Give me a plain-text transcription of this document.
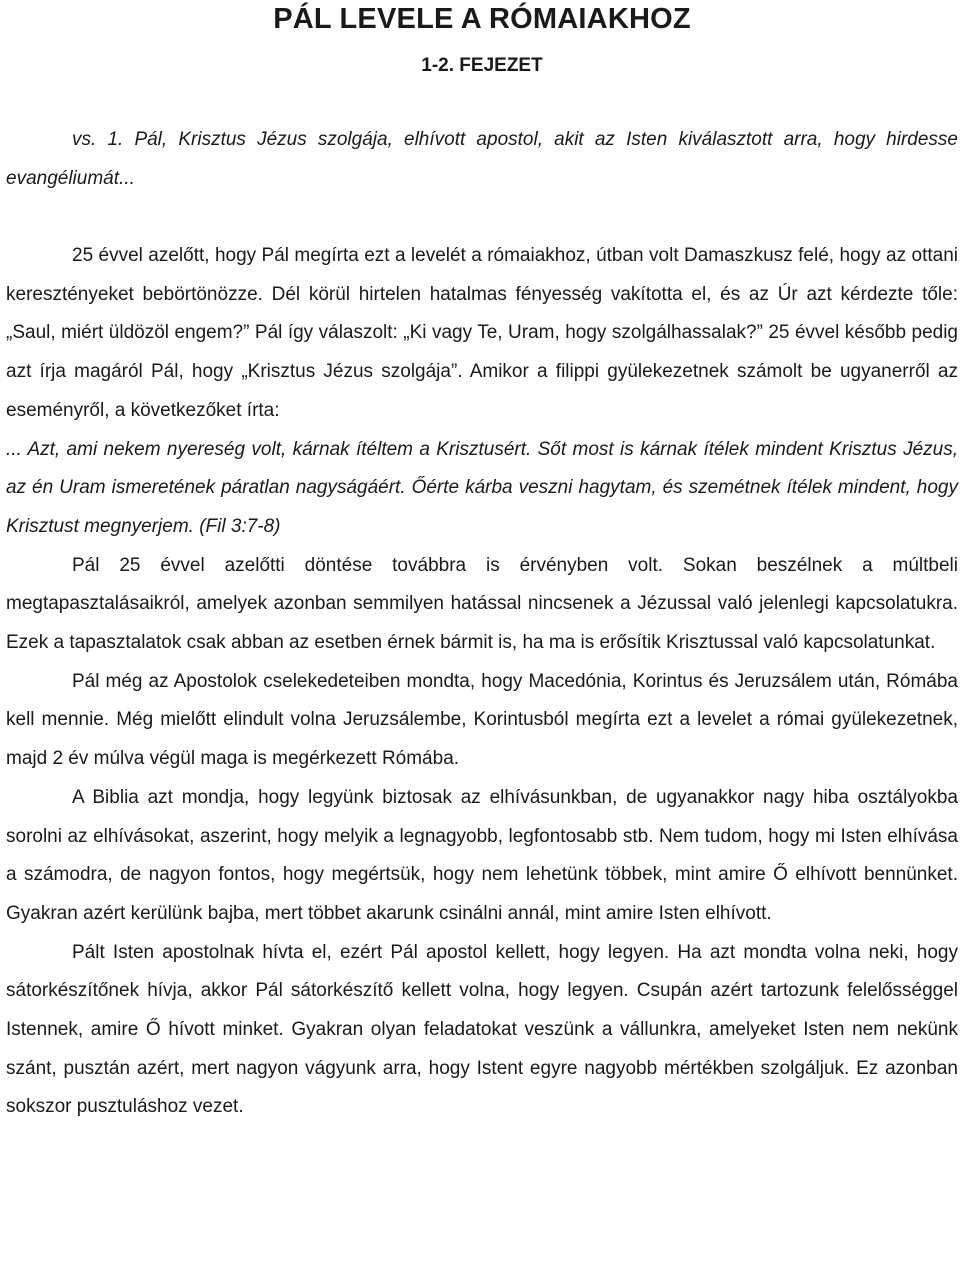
PÁL LEVELE A RÓMAIAKHOZ
1-2. FEJEZET

vs. 1. Pál, Krisztus Jézus szolgája, elhívott apostol, akit az Isten kiválasztott arra, hogy hirdesse evangéliumát...

25 évvel azelőtt, hogy Pál megírta ezt a levelét a rómaiakhoz, útban volt Damaszkusz felé, hogy az ottani keresztényeket bebörtönözze. Dél körül hirtelen hatalmas fényesség vakította el, és az Úr azt kérdezte tőle: „Saul, miért üldözöl engem?” Pál így válaszolt: „Ki vagy Te, Uram, hogy szolgálhassalak?” 25 évvel később pedig azt írja magáról Pál, hogy „Krisztus Jézus szolgája”. Amikor a filippi gyülekezetnek számolt be ugyanerről az eseményről, a következőket írta:

... Azt, ami nekem nyereség volt, kárnak ítéltem a Krisztusért. Sőt most is kárnak ítélek mindent Krisztus Jézus, az én Uram ismeretének páratlan nagyságáért. Őérte kárba veszni hagytam, és szemétnek ítélek mindent, hogy Krisztust megnyerjem. (Fil 3:7-8)

Pál 25 évvel azelőtti döntése továbbra is érvényben volt. Sokan beszélnek a múltbeli megtapasztalásaikról, amelyek azonban semmilyen hatással nincsenek a Jézussal való jelenlegi kapcsolatukra. Ezek a tapasztalatok csak abban az esetben érnek bármit is, ha ma is erősítik Krisztussal való kapcsolatunkat.

Pál még az Apostolok cselekedeteiben mondta, hogy Macedónia, Korintus és Jeruzsálem után, Rómába kell mennie. Még mielőtt elindult volna Jeruzsálembe, Korintusból megírta ezt a levelet a római gyülekezetnek, majd 2 év múlva végül maga is megérkezett Rómába.

A Biblia azt mondja, hogy legyünk biztosak az elhívásunkban, de ugyanakkor nagy hiba osztályokba sorolni az elhívásokat, aszerint, hogy melyik a legnagyobb, legfontosabb stb. Nem tudom, hogy mi Isten elhívása a számodra, de nagyon fontos, hogy megértsük, hogy nem lehetünk többek, mint amire Ő elhívott bennünket. Gyakran azért kerülünk bajba, mert többet akarunk csinálni annál, mint amire Isten elhívott.

Pált Isten apostolnak hívta el, ezért Pál apostol kellett, hogy legyen. Ha azt mondta volna neki, hogy sátorkészítőnek hívja, akkor Pál sátorkészítő kellett volna, hogy legyen. Csupán azért tartozunk felelősséggel Istennek, amire Ő hívott minket. Gyakran olyan feladatokat veszünk a vállunkra, amelyeket Isten nem nekünk szánt, pusztán azért, mert nagyon vágyunk arra, hogy Istent egyre nagyobb mértékben szolgáljuk. Ez azonban sokszor pusztuláshoz vezet.
